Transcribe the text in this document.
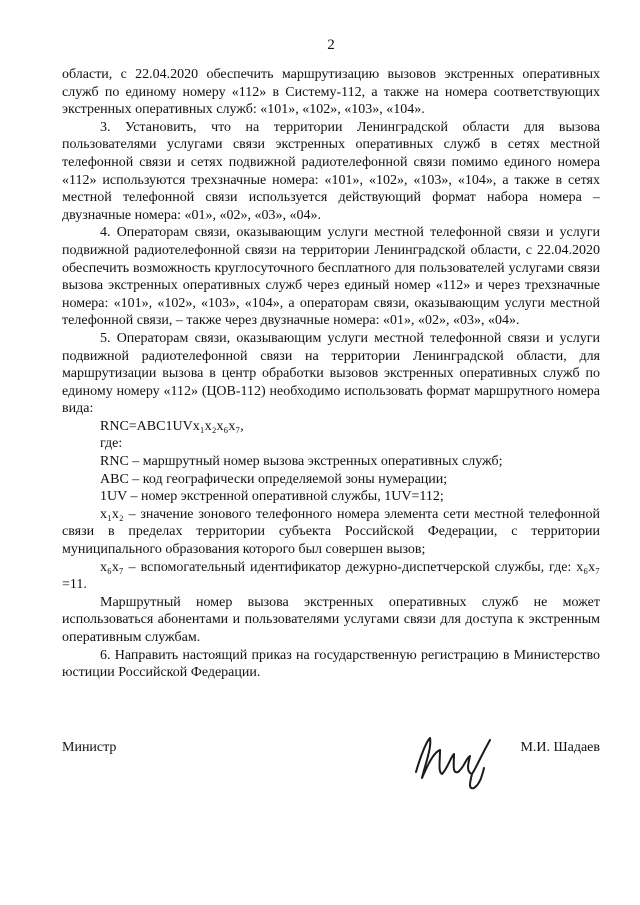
2

области, с 22.04.2020 обеспечить маршрутизацию вызовов экстренных оперативных служб по единому номеру «112» в Систему-112, а также на номера соответствующих экстренных оперативных служб: «101», «102», «103», «104».

3. Установить, что на территории Ленинградской области для вызова пользователями услугами связи экстренных оперативных служб в сетях местной телефонной связи и сетях подвижной радиотелефонной связи помимо единого номера «112» используются трехзначные номера: «101», «102», «103», «104», а также в сетях местной телефонной связи используется действующий формат набора номера – двузначные номера: «01», «02», «03», «04».

4. Операторам связи, оказывающим услуги местной телефонной связи и услуги подвижной радиотелефонной связи на территории Ленинградской области, с 22.04.2020 обеспечить возможность круглосуточного бесплатного для пользователей услугами связи вызова экстренных оперативных служб через единый номер «112» и через трехзначные номера: «101», «102», «103», «104», а операторам связи, оказывающим услуги местной телефонной связи, – также через двузначные номера: «01», «02», «03», «04».

5. Операторам связи, оказывающим услуги местной телефонной связи и услуги подвижной радиотелефонной связи на территории Ленинградской области, для маршрутизации вызова в центр обработки вызовов экстренных оперативных служб по единому номеру «112» (ЦОВ-112) необходимо использовать формат маршрутного номера вида:

RNC=ABC1UVx₁x₂x₆x₇,

где:

RNC – маршрутный номер вызова экстренных оперативных служб;

ABC – код географически определяемой зоны нумерации;

1UV – номер экстренной оперативной службы, 1UV=112;

x₁x₂ – значение зонового телефонного номера элемента сети местной телефонной связи в пределах территории субъекта Российской Федерации, с территории муниципального образования которого был совершен вызов;

x₆x₇ – вспомогательный идентификатор дежурно-диспетчерской службы, где: x₆x₇ =11.

Маршрутный номер вызова экстренных оперативных служб не может использоваться абонентами и пользователями услугами связи для доступа к экстренным оперативным службам.

6. Направить настоящий приказ на государственную регистрацию в Министерство юстиции Российской Федерации.

Министр	М.И. Шадаев
